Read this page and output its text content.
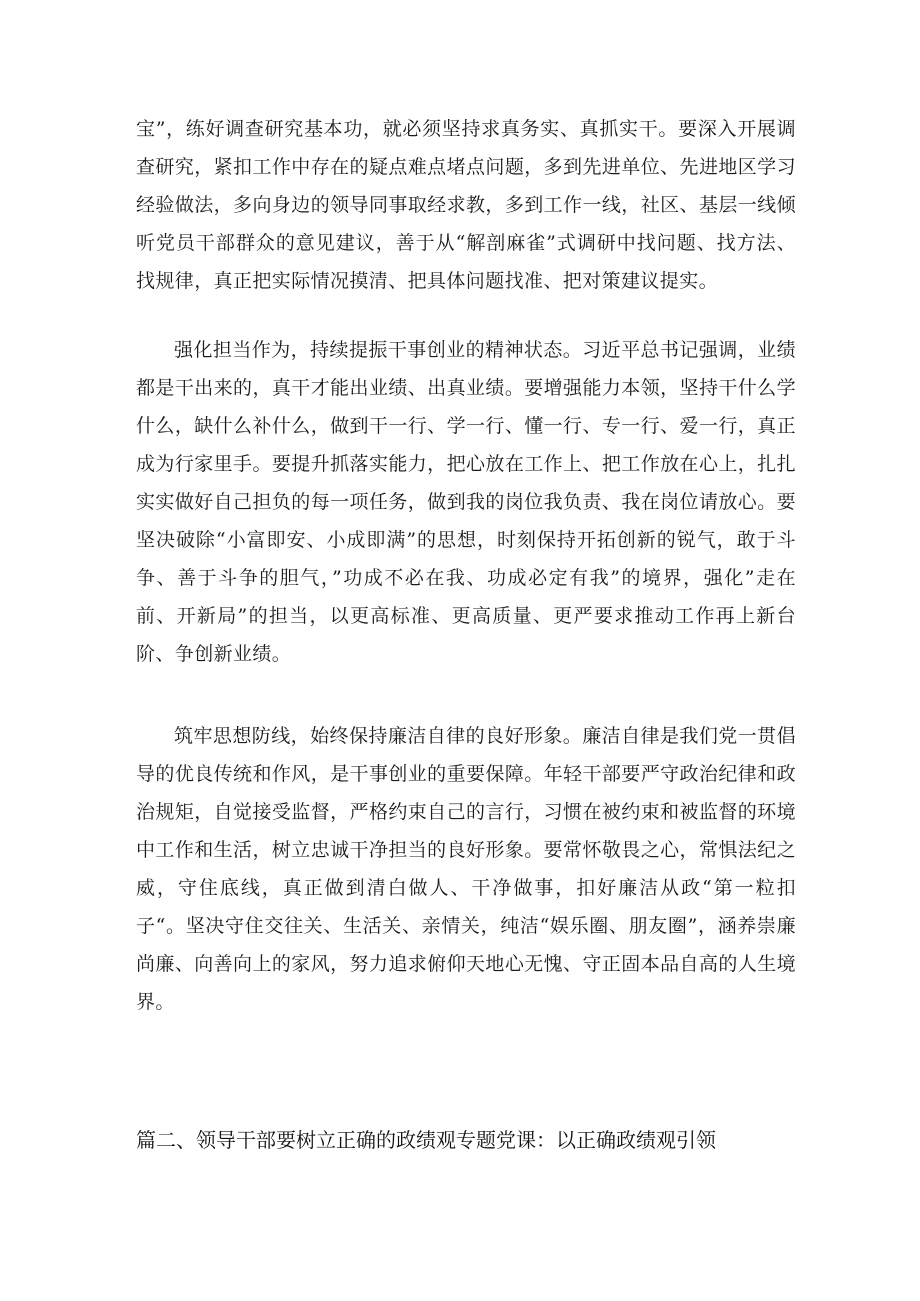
宝”，练好调查研究基本功，就必须坚持求真务实、真抓实干。要深入开展调查研究，紧扣工作中存在的疑点难点堵点问题，多到先进单位、先进地区学习经验做法，多向身边的领导同事取经求教，多到工作一线，社区、基层一线倾听党员干部群众的意见建议，善于从“解剖麻雀”式调研中找问题、找方法、找规律，真正把实际情况摸清、把具体问题找准、把对策建议提实。

强化担当作为，持续提振干事创业的精神状态。习近平总书记强调，业绩都是干出来的，真干才能出业绩、出真业绩。要增强能力本领，坚持干什么学什么，缺什么补什么，做到干一行、学一行、懂一行、专一行、爱一行，真正成为行家里手。要提升抓落实能力，把心放在工作上、把工作放在心上，扎扎实实做好自己担负的每一项任务，做到我的岗位我负责、我在岗位请放心。要坚决破除“小富即安、小成即满”的思想，时刻保持开拓创新的锐气，敢于斗争、善于斗争的胆气，”功成不必在我、功成必定有我”的境界，强化”走在前、开新局”的担当，以更高标准、更高质量、更严要求推动工作再上新台阶、争创新业绩。

筑牢思想防线，始终保持廉洁自律的良好形象。廉洁自律是我们党一贯倡导的优良传统和作风，是干事创业的重要保障。年轻干部要严守政治纪律和政治规矩，自觉接受监督，严格约束自己的言行，习惯在被约束和被监督的环境中工作和生活，树立忠诚干净担当的良好形象。要常怀敬畏之心，常惧法纪之威，守住底线，真正做到清白做人、干净做事，扣好廉洁从政“第一粒扣子“。坚决守住交往关、生活关、亲情关，纯洁“娱乐圈、朋友圈”，涵养崇廉尚廉、向善向上的家风，努力追求俯仰天地心无愧、守正固本品自高的人生境界。

篇二、领导干部要树立正确的政绩观专题党课：以正确政绩观引领
